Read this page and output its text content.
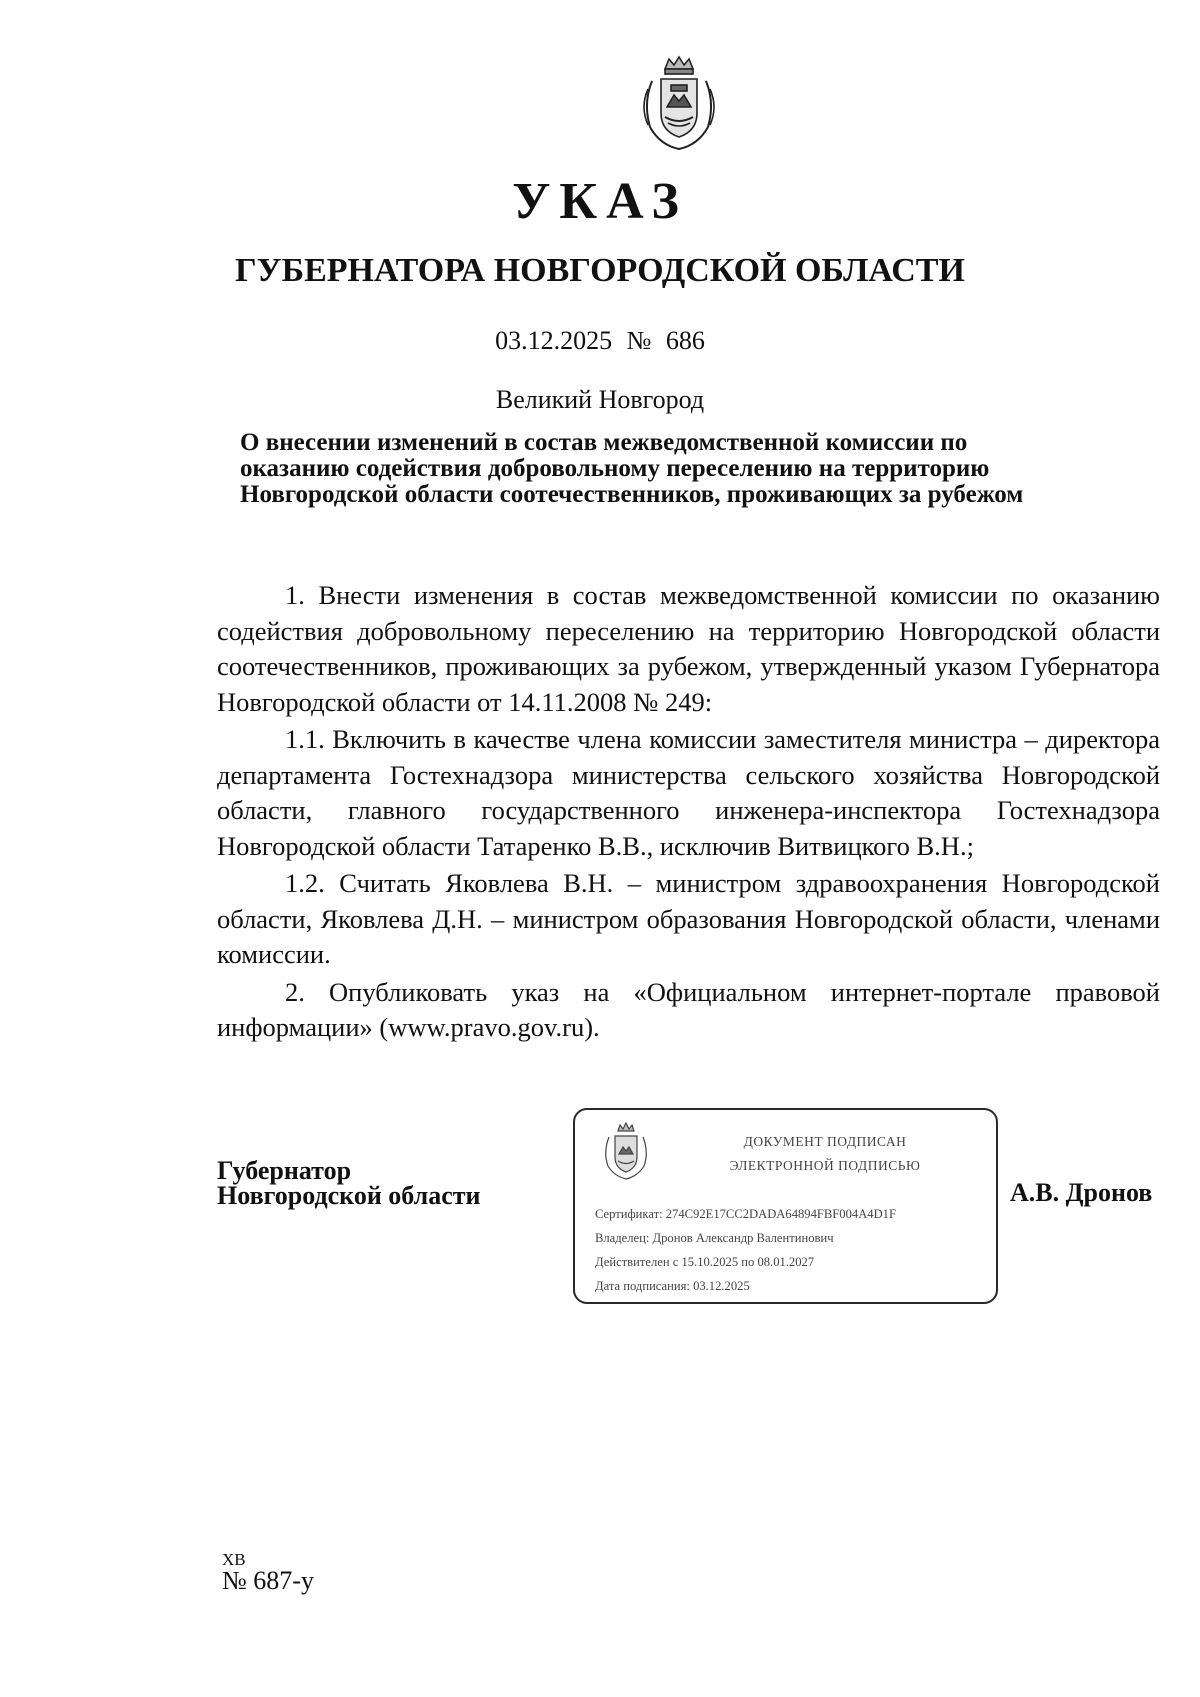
УКАЗ
ГУБЕРНАТОРА НОВГОРОДСКОЙ ОБЛАСТИ
03.12.2025 № 686
Великий Новгород
О внесении изменений в состав межведомственной комиссии по
оказанию содействия добровольному переселению на территорию
Новгородской области соотечественников, проживающих за рубежом

1. Внести изменения в состав межведомственной комиссии по оказанию содействия добровольному переселению на территорию Новгородской области соотечественников, проживающих за рубежом, утвержденный указом Губернатора Новгородской области от 14.11.2008 № 249:

1.1. Включить в качестве члена комиссии заместителя министра – директора департамента Гостехнадзора министерства сельского хозяйства Новгородской области, главного государственного инженера-инспектора Гостехнадзора Новгородской области Татаренко В.В., исключив Витвицкого В.Н.;

1.2. Считать Яковлева В.Н. – министром здравоохранения Новгородской области, Яковлева Д.Н. – министром образования Новгородской области, членами комиссии.

2. Опубликовать указ на «Официальном интернет-портале правовой информации» (www.pravo.gov.ru).

Губернатор
Новгородской области
ДОКУМЕНТ ПОДПИСАН
ЭЛЕКТРОННОЙ ПОДПИСЬЮ
Сертификат: 274C92E17CC2DADA64894FBF004A4D1F
Владелец: Дронов Александр Валентинович
Действителен с 15.10.2025 по 08.01.2027
Дата подписания: 03.12.2025
А.В. Дронов
ХВ
№ 687-у
